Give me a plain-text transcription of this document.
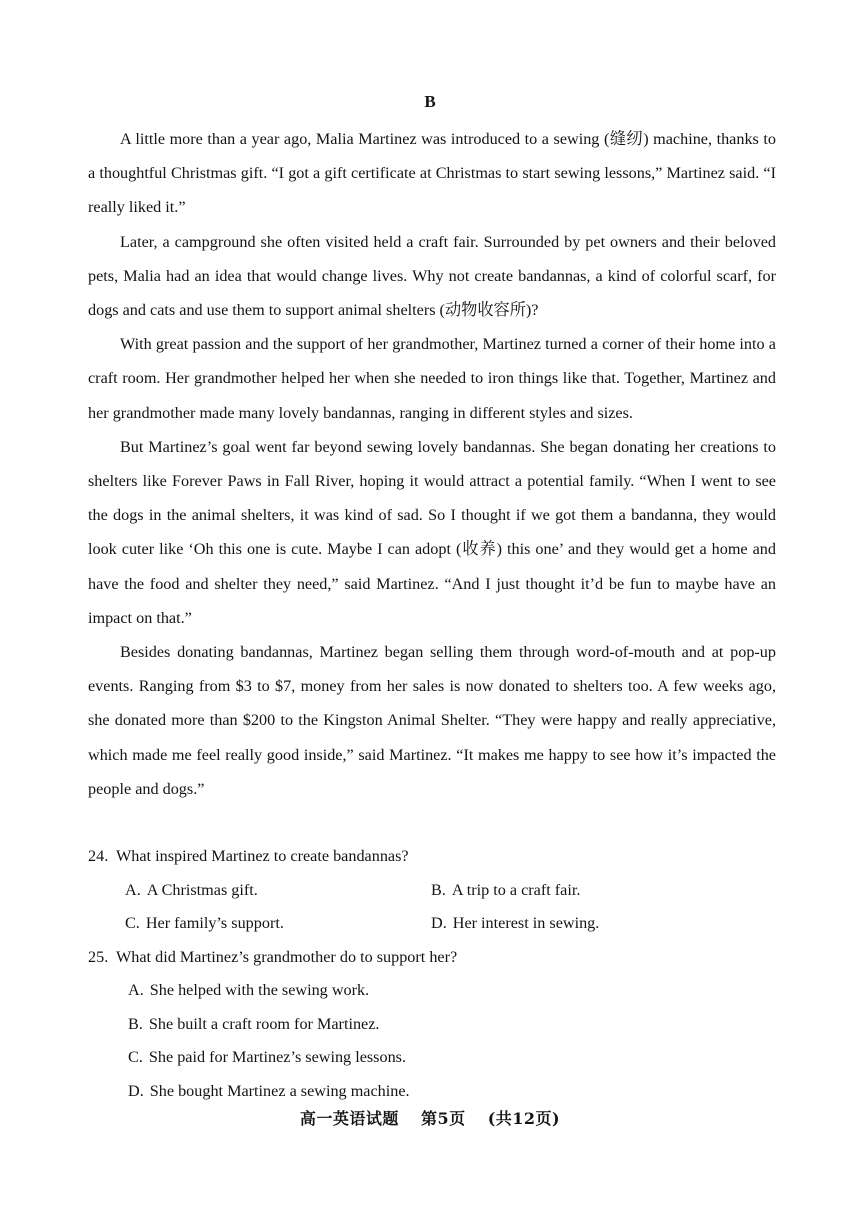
B

A little more than a year ago, Malia Martinez was introduced to a sewing (缝纫) machine, thanks to a thoughtful Christmas gift. “I got a gift certificate at Christmas to start sewing lessons,” Martinez said. “I really liked it.”

Later, a campground she often visited held a craft fair. Surrounded by pet owners and their beloved pets, Malia had an idea that would change lives. Why not create bandannas, a kind of colorful scarf, for dogs and cats and use them to support animal shelters (动物收容所)?

With great passion and the support of her grandmother, Martinez turned a corner of their home into a craft room. Her grandmother helped her when she needed to iron things like that. Together, Martinez and her grandmother made many lovely bandannas, ranging in different styles and sizes.

But Martinez’s goal went far beyond sewing lovely bandannas. She began donating her creations to shelters like Forever Paws in Fall River, hoping it would attract a potential family. “When I went to see the dogs in the animal shelters, it was kind of sad. So I thought if we got them a bandanna, they would look cuter like ‘Oh this one is cute. Maybe I can adopt (收养) this one’ and they would get a home and have the food and shelter they need,” said Martinez. “And I just thought it’d be fun to maybe have an impact on that.”

Besides donating bandannas, Martinez began selling them through word-of-mouth and at pop-up events. Ranging from $3 to $7, money from her sales is now donated to shelters too. A few weeks ago, she donated more than $200 to the Kingston Animal Shelter. “They were happy and really appreciative, which made me feel really good inside,” said Martinez. “It makes me happy to see how it’s impacted the people and dogs.”

24. What inspired Martinez to create bandannas?

A. A Christmas gift.	B. A trip to a craft fair.
C. Her family’s support.	D. Her interest in sewing.

25. What did Martinez’s grandmother do to support her?

A. She helped with the sewing work.
B. She built a craft room for Martinez.
C. She paid for Martinez’s sewing lessons.
D. She bought Martinez a sewing machine.
高一英语试题 第5页 (共12页)
